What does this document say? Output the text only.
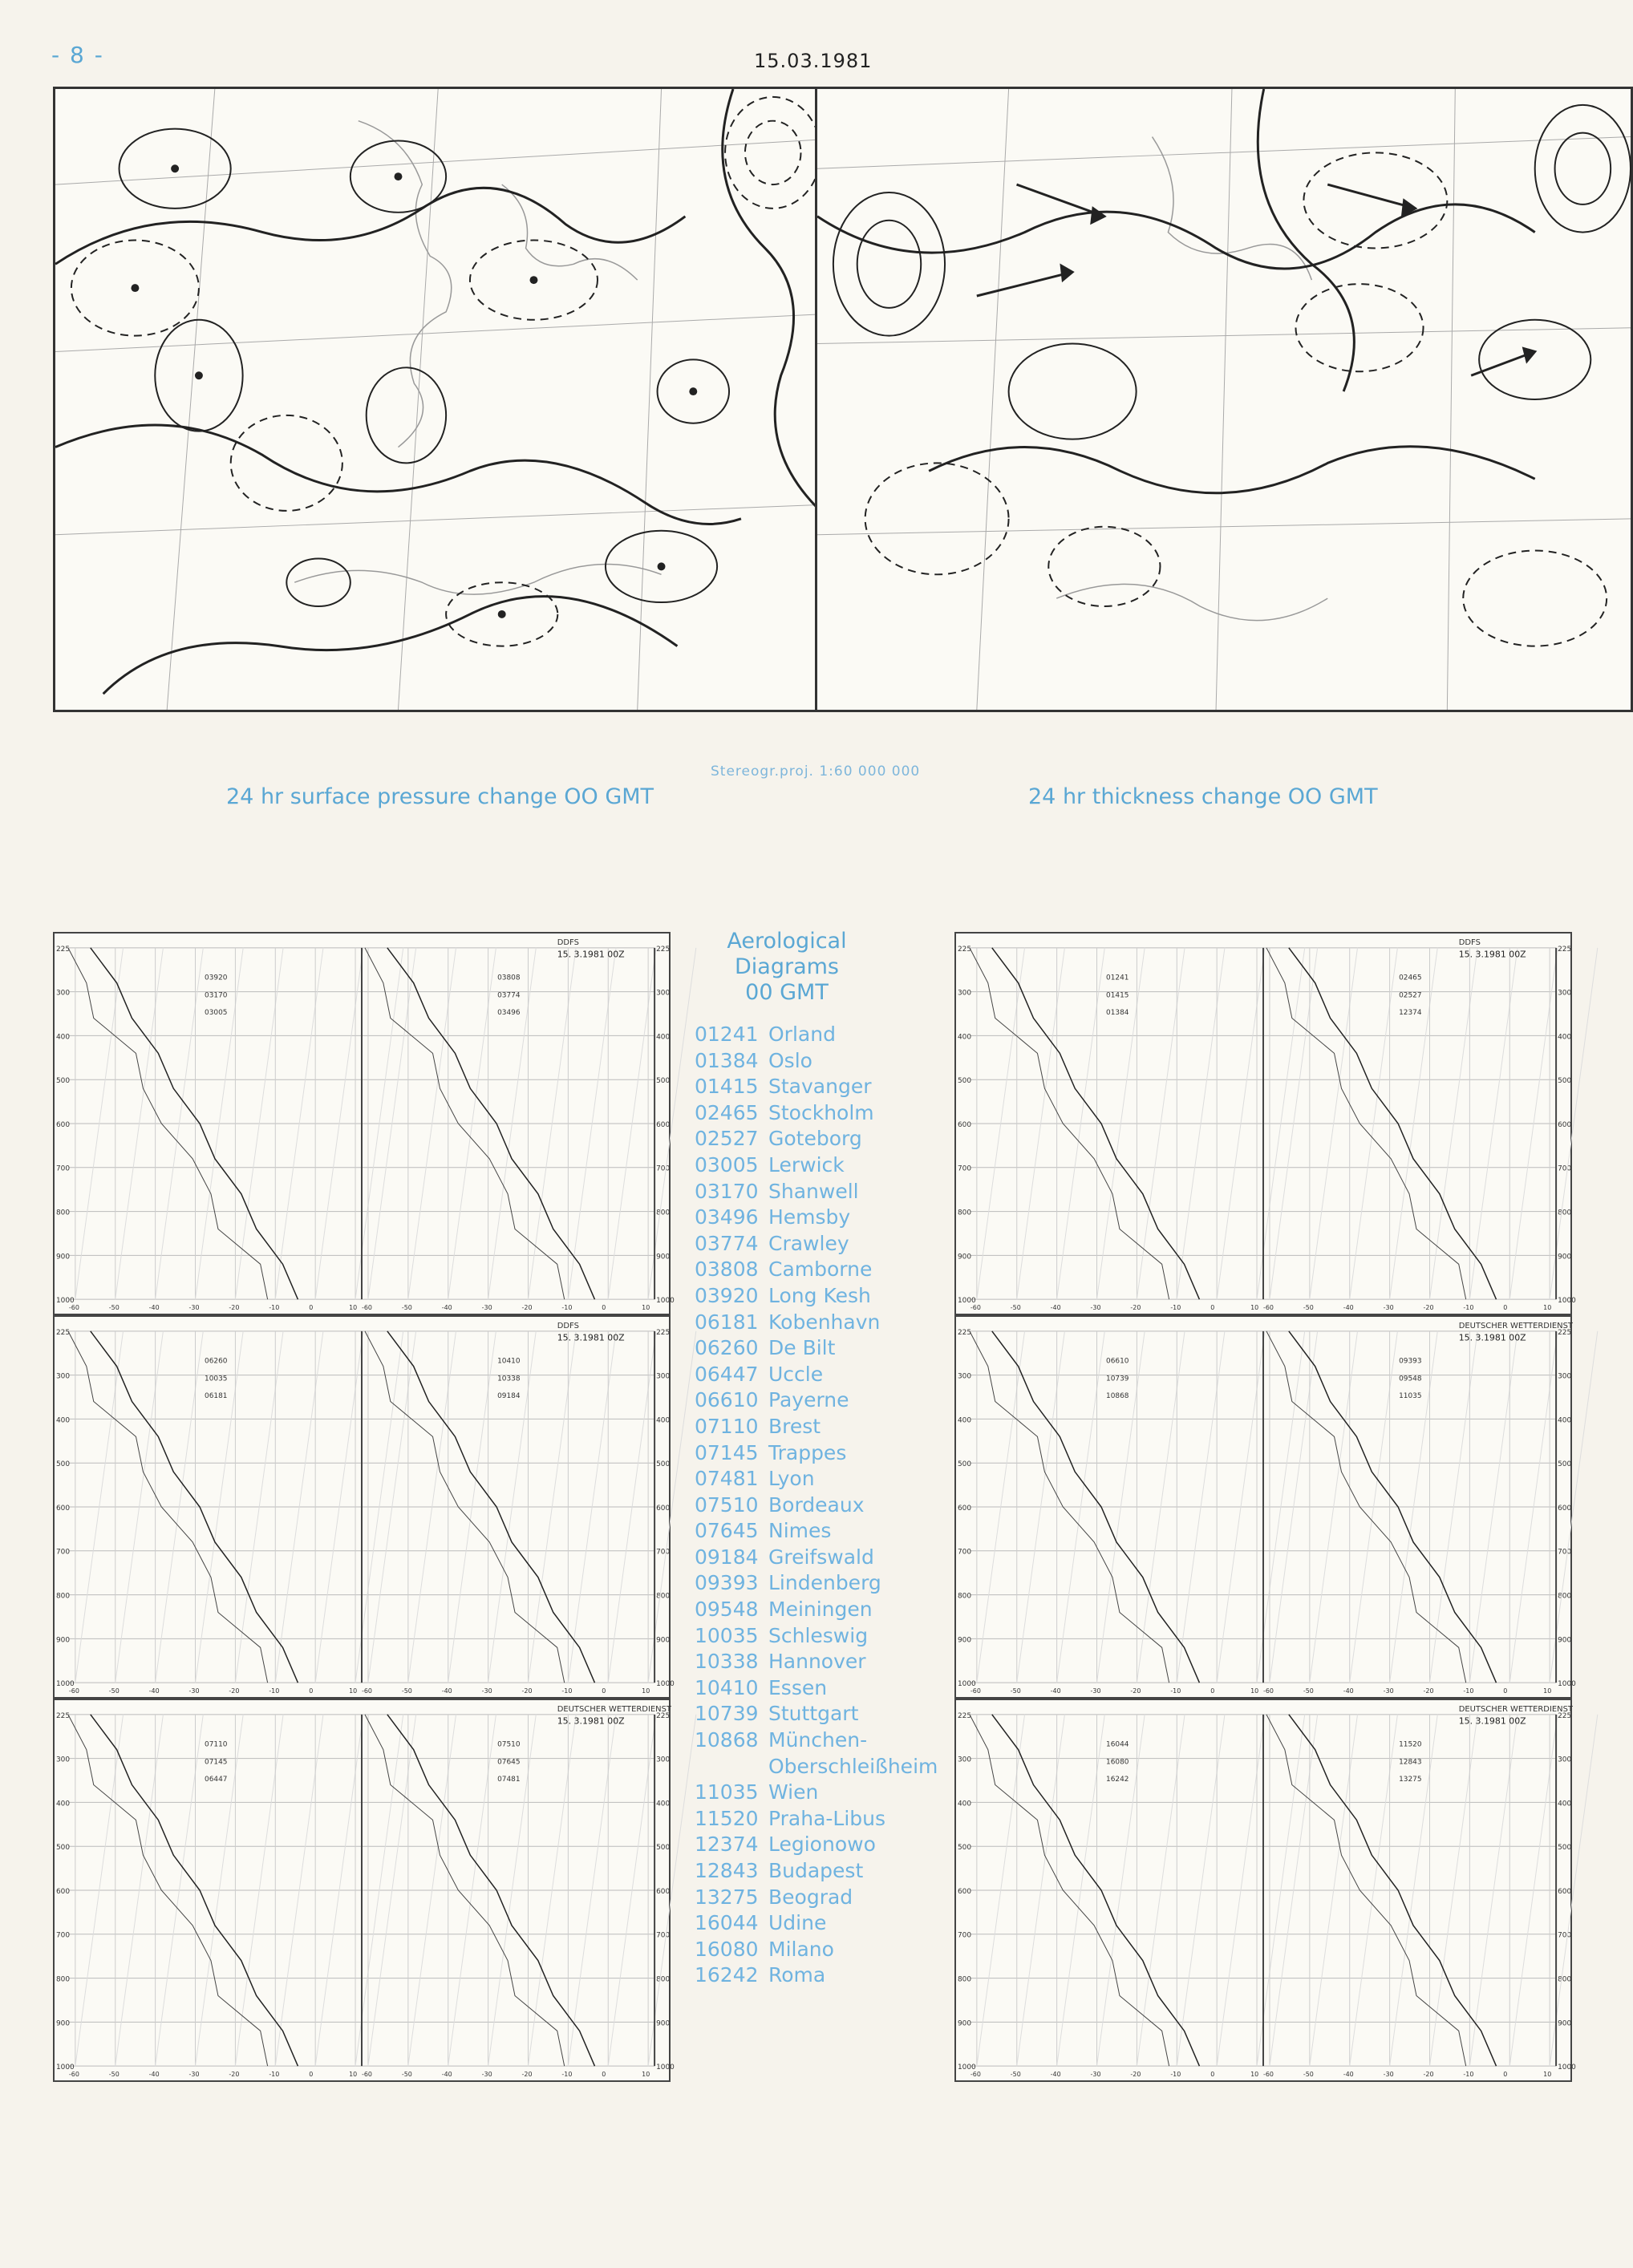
- 8 -	15.03.1981
Stereogr.proj. 1:60 000 000
24 hr surface pressure change OO GMT	24 hr thickness change OO GMT
225	225
300	300
400	400
500	500
600	600
700	700
800	800
900	900
1000	1000
-60	-50	-40	-30	-20	-10	0	10
03920
03170
03005
-60	-50	-40	-30	-20	-10	0	10
03808
03774
03496
DDFS
15. 3.1981 00Z
225	225
300	300
400	400
500	500
600	600
700	700
800	800
900	900
1000	1000
-60	-50	-40	-30	-20	-10	0	10
06260
10035
06181
-60	-50	-40	-30	-20	-10	0	10
10410
10338
09184
DDFS
15. 3.1981 00Z
225	225
300	300
400	400
500	500
600	600
700	700
800	800
900	900
1000	1000
-60	-50	-40	-30	-20	-10	0	10
07110
07145
06447
-60	-50	-40	-30	-20	-10	0	10
07510
07645
07481
DEUTSCHER WETTERDIENST
15. 3.1981 00Z
225	225
300	300
400	400
500	500
600	600
700	700
800	800
900	900
1000	1000
-60	-50	-40	-30	-20	-10	0	10
01241
01415
01384
-60	-50	-40	-30	-20	-10	0	10
02465
02527
12374
DDFS
15. 3.1981 00Z
225	225
300	300
400	400
500	500
600	600
700	700
800	800
900	900
1000	1000
-60	-50	-40	-30	-20	-10	0	10
06610
10739
10868
-60	-50	-40	-30	-20	-10	0	10
09393
09548
11035
DEUTSCHER WETTERDIENST
15. 3.1981 00Z
225	225
300	300
400	400
500	500
600	600
700	700
800	800
900	900
1000	1000
-60	-50	-40	-30	-20	-10	0	10
16044
16080
16242
-60	-50	-40	-30	-20	-10	0	10
11520
12843
13275
DEUTSCHER WETTERDIENST
15. 3.1981 00Z
Aerological
Diagrams
00 GMT
01241 Orland
01384 Oslo
01415 Stavanger
02465 Stockholm
02527 Goteborg
03005 Lerwick
03170 Shanwell
03496 Hemsby
03774 Crawley
03808 Camborne
03920 Long Kesh
06181 Kobenhavn
06260 De Bilt
06447 Uccle
06610 Payerne
07110 Brest
07145 Trappes
07481 Lyon
07510 Bordeaux
07645 Nimes
09184 Greifswald
09393 Lindenberg
09548 Meiningen
10035 Schleswig
10338 Hannover
10410 Essen
10739 Stuttgart
10868 München-
Oberschleißheim
11035 Wien
11520 Praha-Libus
12374 Legionowo
12843 Budapest
13275 Beograd
16044 Udine
16080 Milano
16242 Roma
